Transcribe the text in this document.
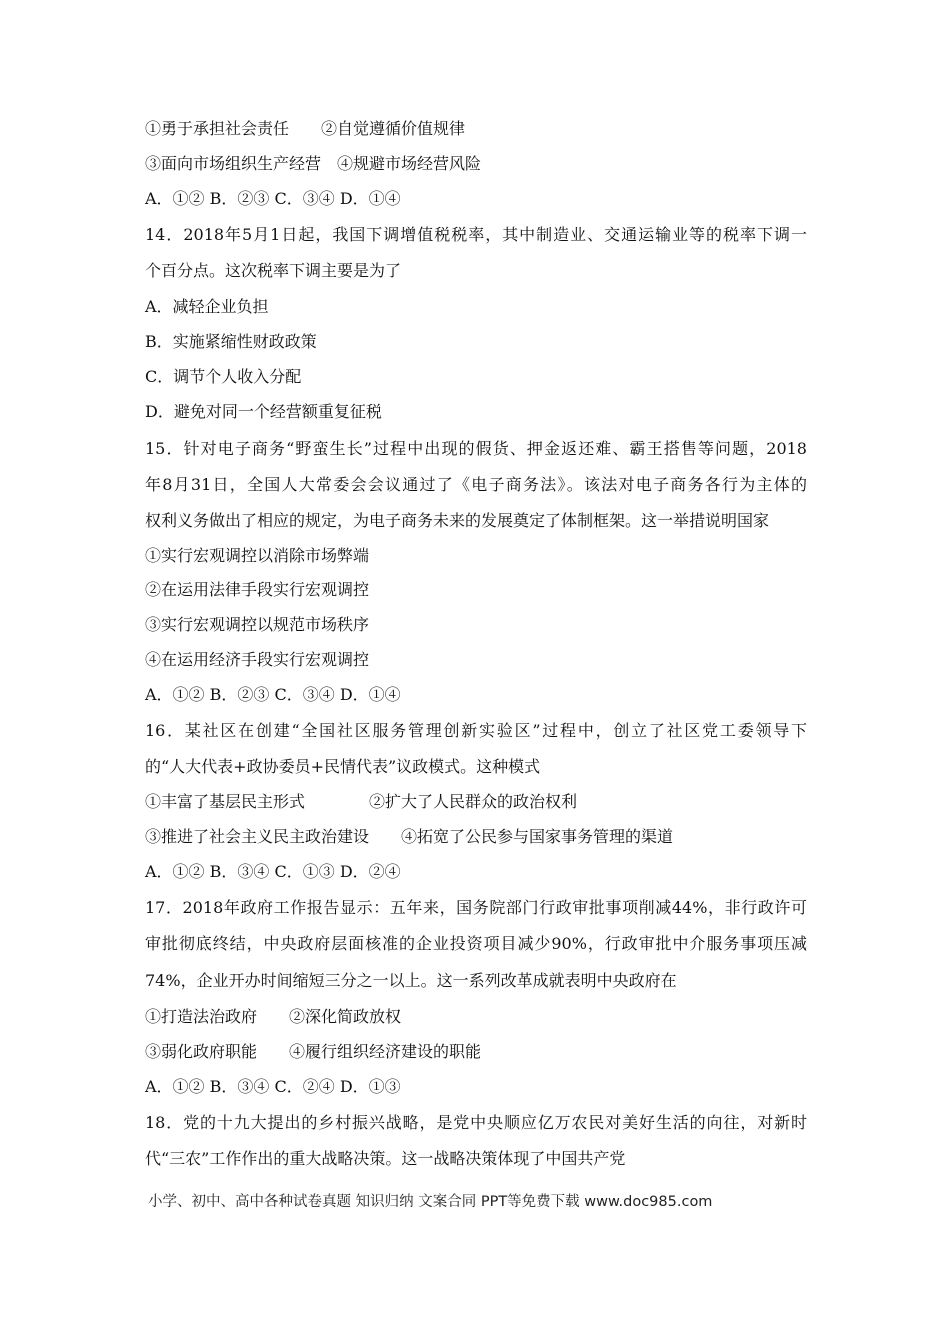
①勇于承担社会责任　　②自觉遵循价值规律
③面向市场组织生产经营　④规避市场经营风险
A．①② B．②③ C．③④ D．①④
14．2018年5月1日起，我国下调增值税税率，其中制造业、交通运输业等的税率下调一
个百分点。这次税率下调主要是为了
A．减轻企业负担
B．实施紧缩性财政政策
C．调节个人收入分配
D．避免对同一个经营额重复征税
15．针对电子商务“野蛮生长”过程中出现的假货、押金返还难、霸王搭售等问题，2018
年8月31日，全国人大常委会会议通过了《电子商务法》。该法对电子商务各行为主体的
权利义务做出了相应的规定，为电子商务未来的发展奠定了体制框架。这一举措说明国家
①实行宏观调控以消除市场弊端
②在运用法律手段实行宏观调控
③实行宏观调控以规范市场秩序
④在运用经济手段实行宏观调控
A．①② B．②③ C．③④ D．①④
16．某社区在创建“全国社区服务管理创新实验区”过程中，创立了社区党工委领导下
的“人大代表+政协委员+民情代表”议政模式。这种模式
①丰富了基层民主形式　　　　②扩大了人民群众的政治权利
③推进了社会主义民主政治建设　　④拓宽了公民参与国家事务管理的渠道
A．①② B．③④ C．①③ D．②④
17．2018年政府工作报告显示：五年来，国务院部门行政审批事项削减44%，非行政许可
审批彻底终结，中央政府层面核准的企业投资项目减少90%，行政审批中介服务事项压减
74%，企业开办时间缩短三分之一以上。这一系列改革成就表明中央政府在
①打造法治政府　　②深化简政放权
③弱化政府职能　　④履行组织经济建设的职能
A．①② B．③④ C．②④ D．①③
18．党的十九大提出的乡村振兴战略，是党中央顺应亿万农民对美好生活的向往，对新时
代“三农”工作作出的重大战略决策。这一战略决策体现了中国共产党
小学、初中、高中各种试卷真题 知识归纳 文案合同 PPT等免费下载 www.doc985.com
